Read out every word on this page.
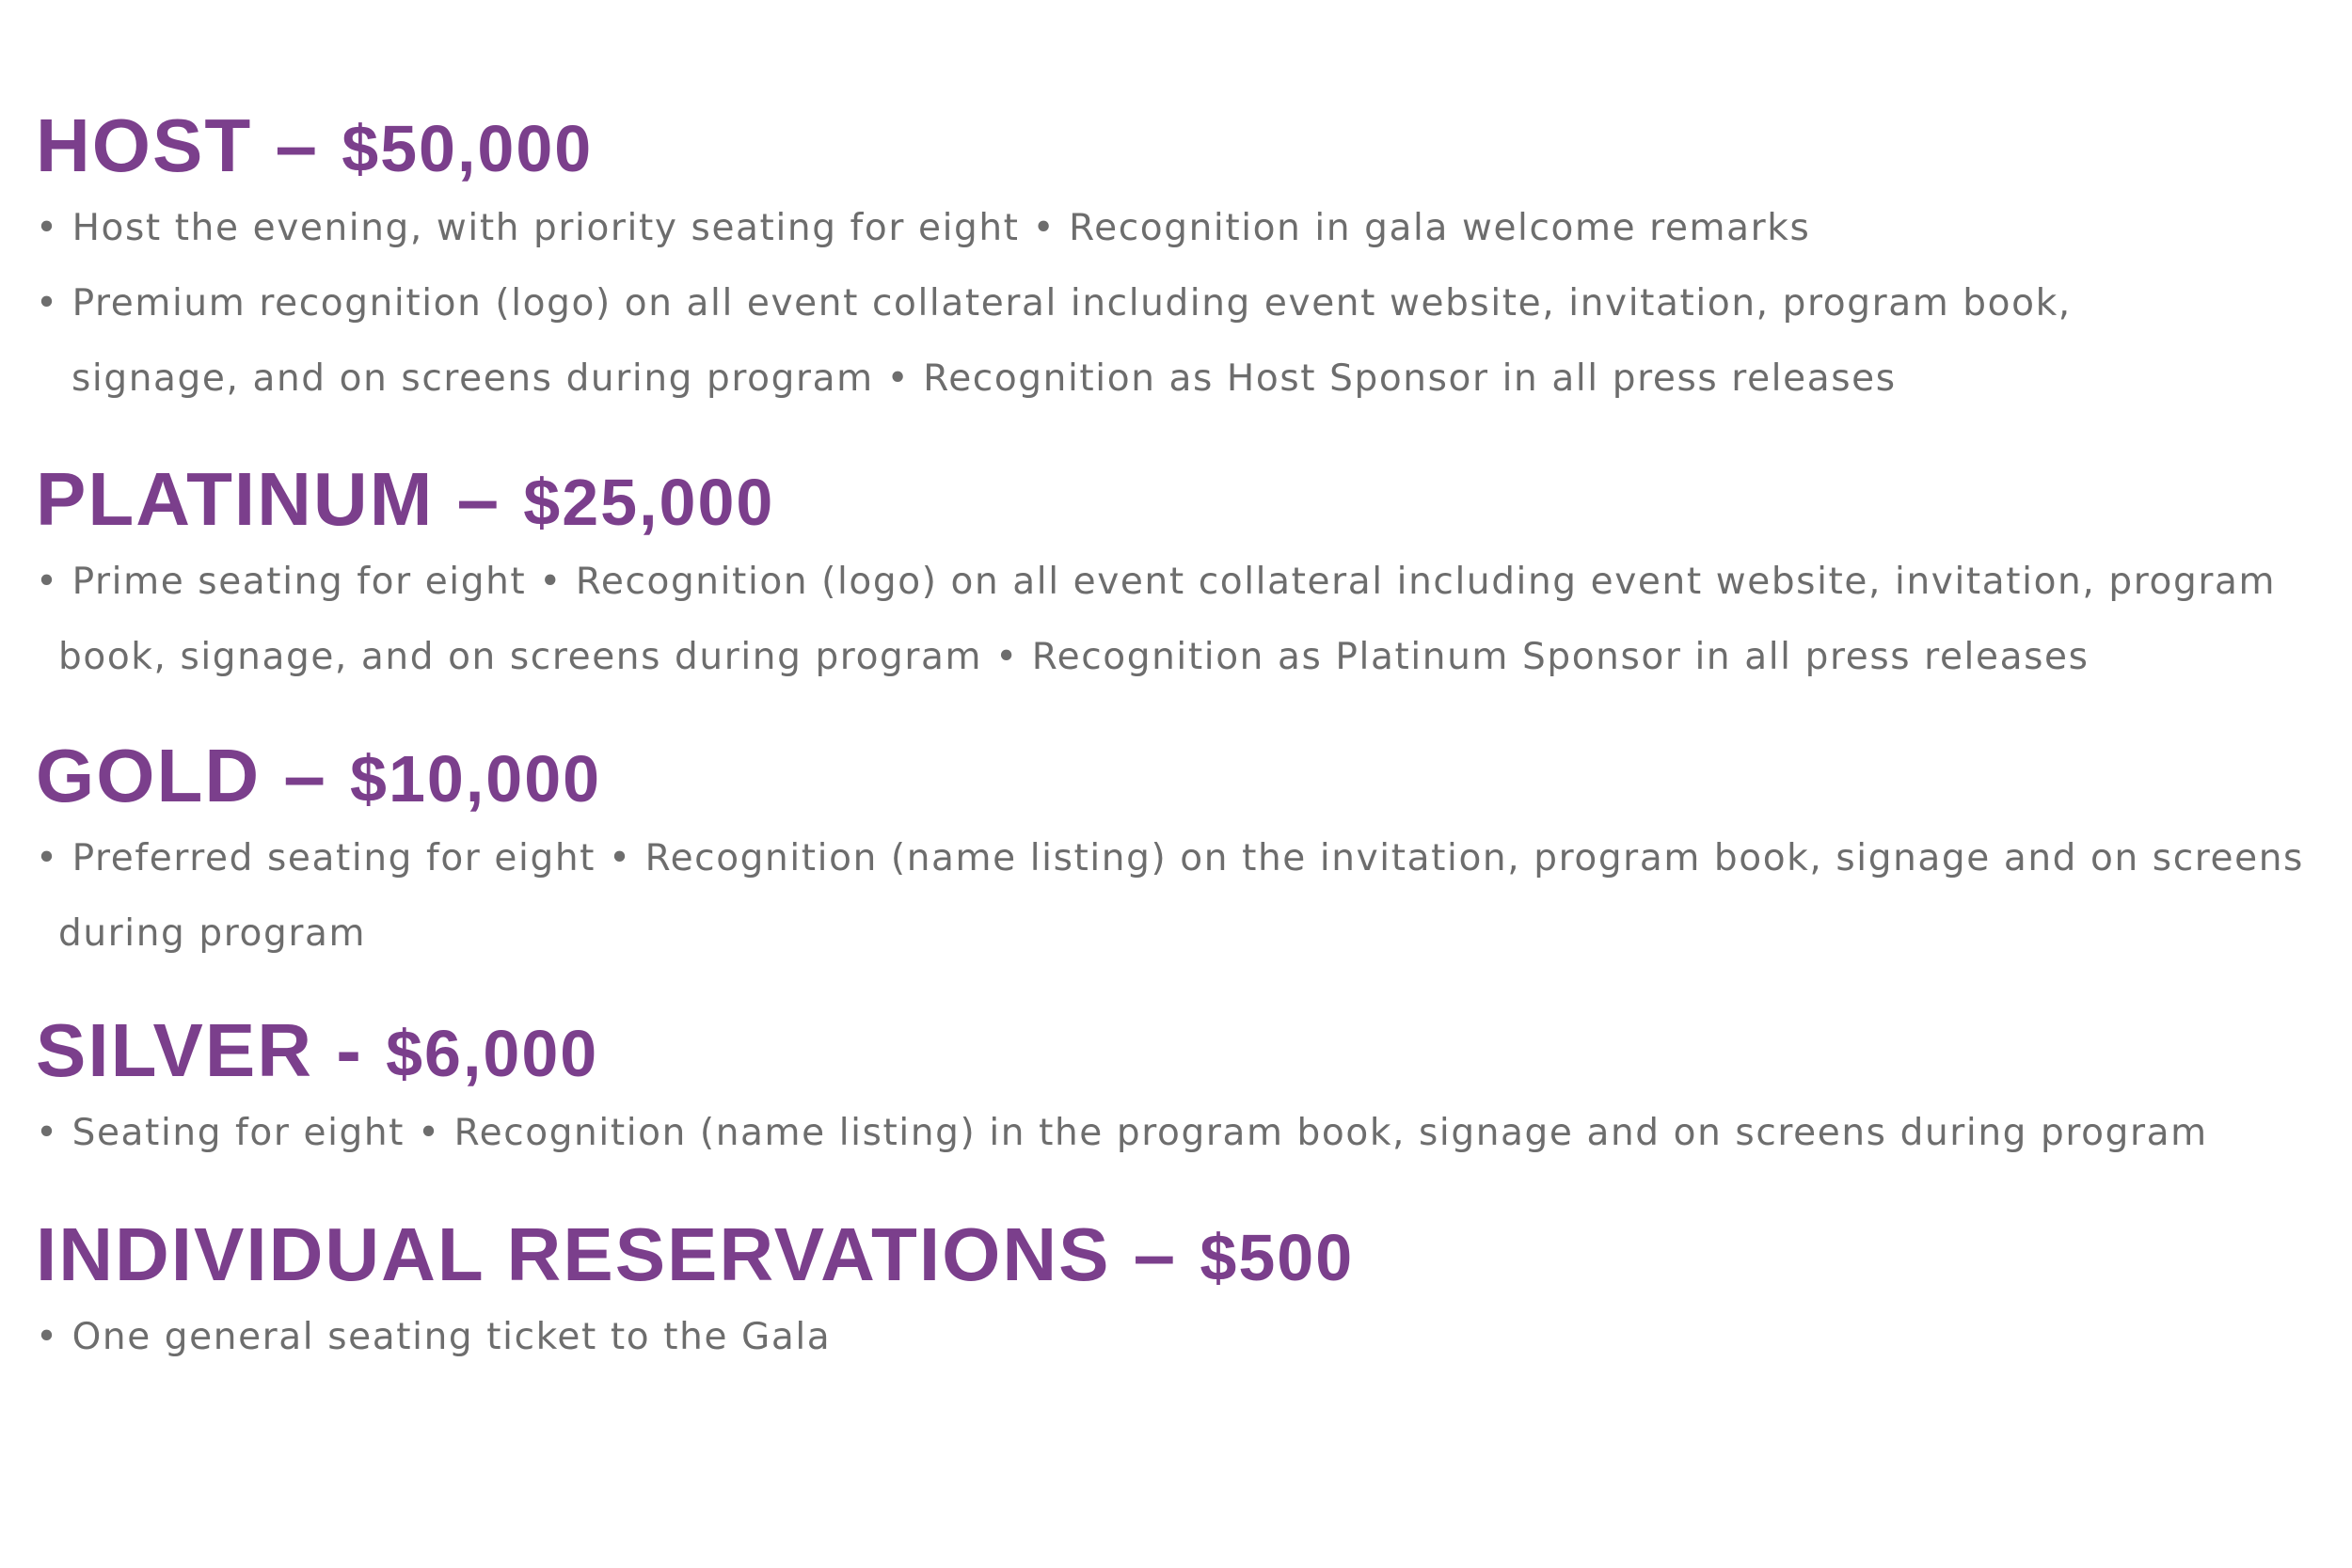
HOST – $50,000

• Host the evening, with priority seating for eight • Recognition in gala welcome remarks

• Premium recognition (logo) on all event collateral including event website, invitation, program book,

signage, and on screens during program • Recognition as Host Sponsor in all press releases

PLATINUM – $25,000

• Prime seating for eight • Recognition (logo) on all event collateral including event website, invitation, program

book, signage, and on screens during program • Recognition as Platinum Sponsor in all press releases

GOLD – $10,000

• Preferred seating for eight • Recognition (name listing) on the invitation, program book, signage and on screens

during program

SILVER - $6,000

• Seating for eight • Recognition (name listing) in the program book, signage and on screens during program

INDIVIDUAL RESERVATIONS – $500

• One general seating ticket to the Gala
